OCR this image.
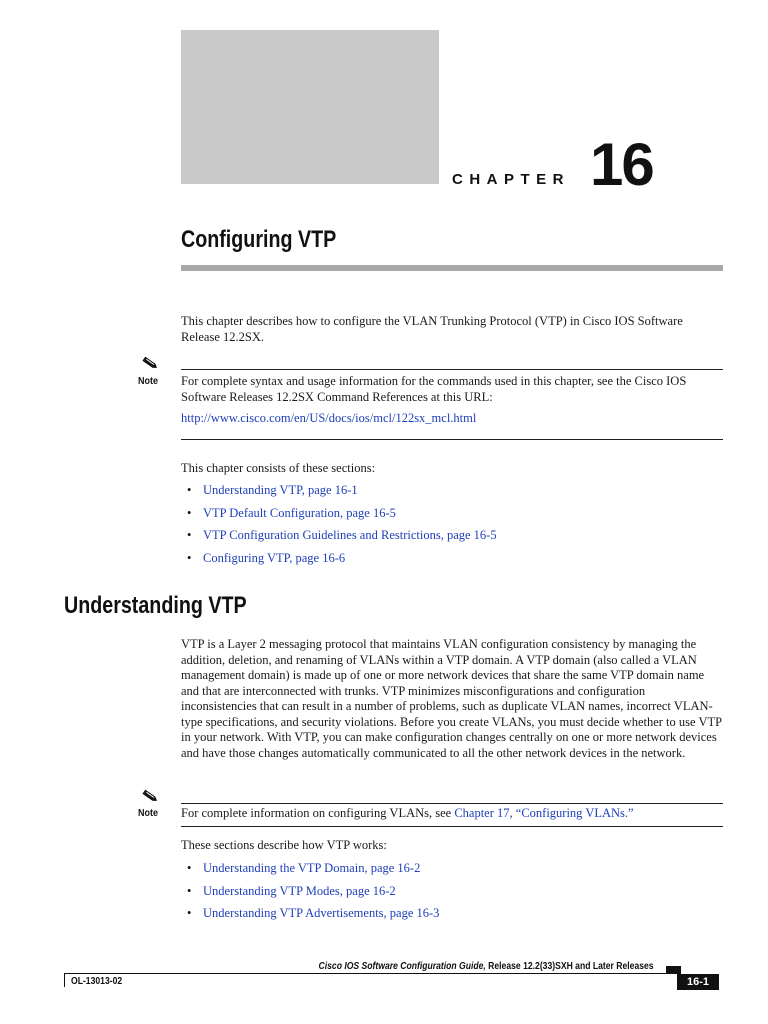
CHAPTER 16
Configuring VTP

This chapter describes how to configure the VLAN Trunking Protocol (VTP) in Cisco IOS Software Release 12.2SX.

Note For complete syntax and usage information for the commands used in this chapter, see the Cisco IOS Software Releases 12.2SX Command References at this URL:

http://www.cisco.com/en/US/docs/ios/mcl/122sx_mcl.html

This chapter consists of these sections:

• Understanding VTP, page 16-1
• VTP Default Configuration, page 16-5
• VTP Configuration Guidelines and Restrictions, page 16-5
• Configuring VTP, page 16-6
Understanding VTP

VTP is a Layer 2 messaging protocol that maintains VLAN configuration consistency by managing the addition, deletion, and renaming of VLANs within a VTP domain. A VTP domain (also called a VLAN management domain) is made up of one or more network devices that share the same VTP domain name and that are interconnected with trunks. VTP minimizes misconfigurations and configuration inconsistencies that can result in a number of problems, such as duplicate VLAN names, incorrect VLAN-type specifications, and security violations. Before you create VLANs, you must decide whether to use VTP in your network. With VTP, you can make configuration changes centrally on one or more network devices and have those changes automatically communicated to all the other network devices in the network.

Note For complete information on configuring VLANs, see Chapter 17, “Configuring VLANs.”

These sections describe how VTP works:

• Understanding the VTP Domain, page 16-2
• Understanding VTP Modes, page 16-2
• Understanding VTP Advertisements, page 16-3
Cisco IOS Software Configuration Guide, Release 12.2(33)SXH and Later Releases
OL-13013-02	16-1
